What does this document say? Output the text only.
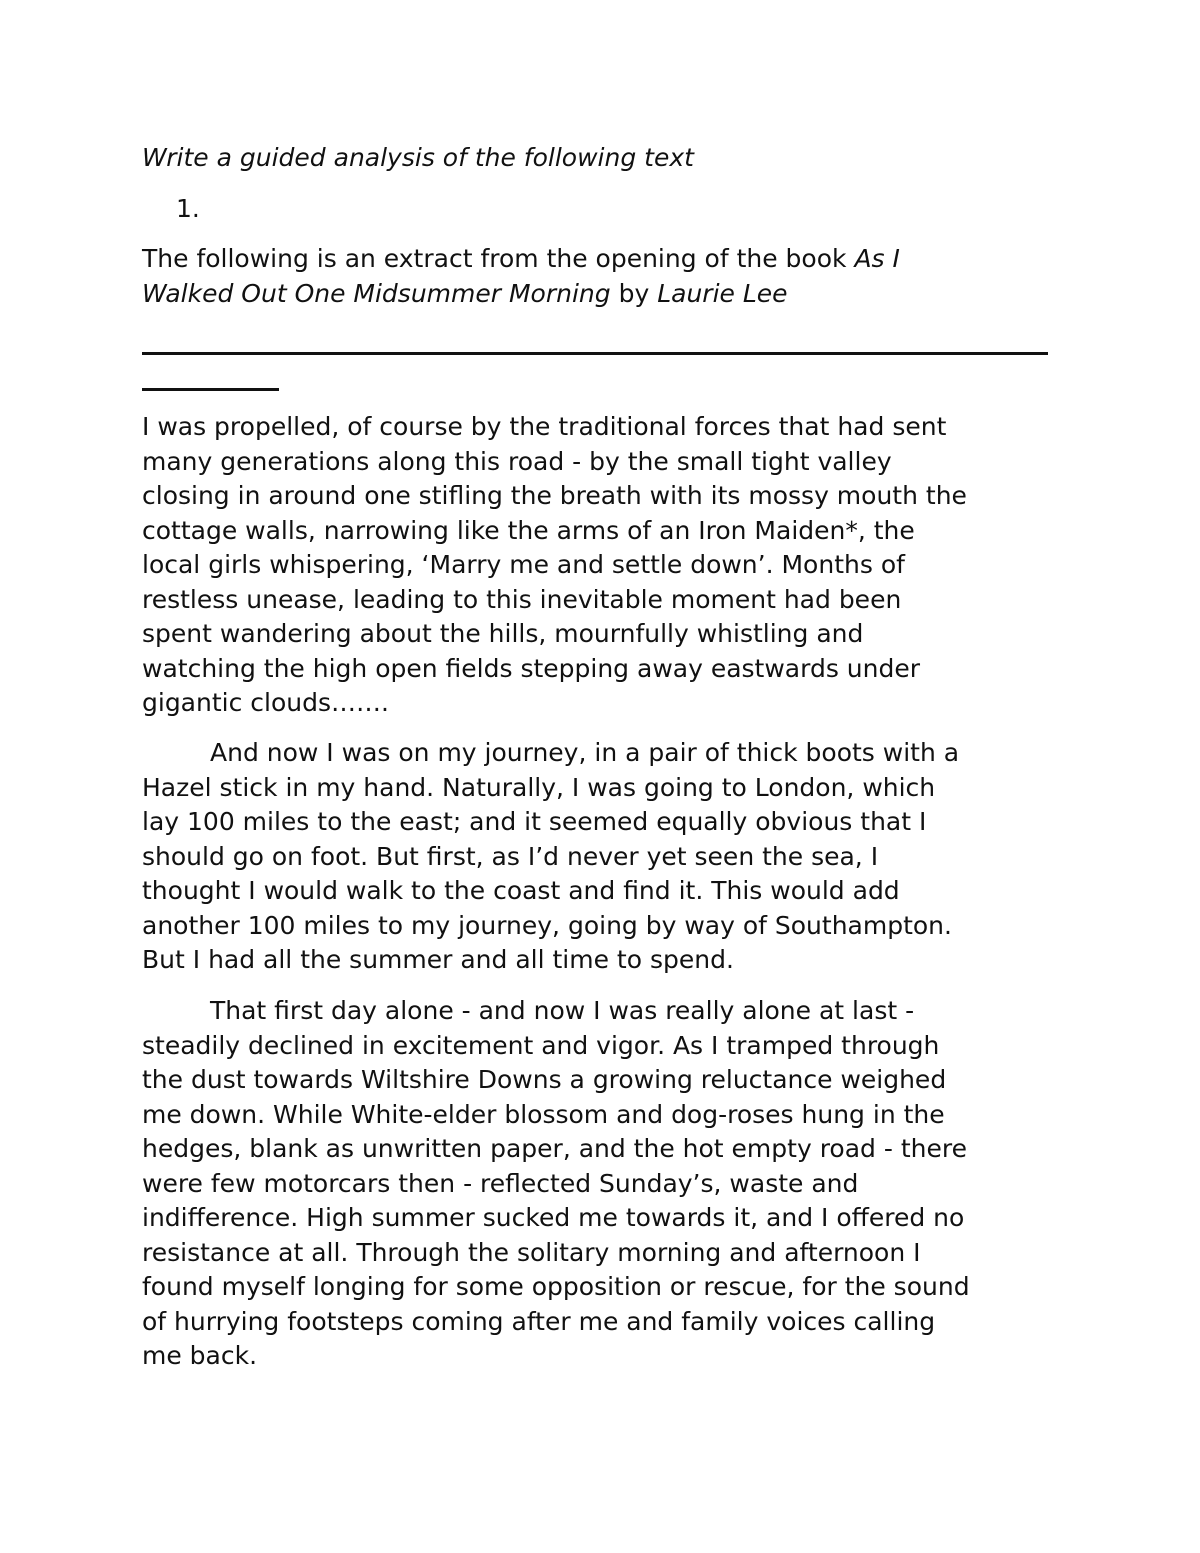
Write a guided analysis of the following text
1.
The following is an extract from the opening of the book As I
Walked Out One Midsummer Morning by Laurie Lee
I was propelled, of course by the traditional forces that had sent
many generations along this road - by the small tight valley
closing in around one stifling the breath with its mossy mouth the
cottage walls, narrowing like the arms of an Iron Maiden*, the
local girls whispering, ‘Marry me and settle down’. Months of
restless unease, leading to this inevitable moment had been
spent wandering about the hills, mournfully whistling and
watching the high open fields stepping away eastwards under
gigantic clouds…….
And now I was on my journey, in a pair of thick boots with a
Hazel stick in my hand. Naturally, I was going to London, which
lay 100 miles to the east; and it seemed equally obvious that I
should go on foot. But first, as I’d never yet seen the sea, I
thought I would walk to the coast and find it. This would add
another 100 miles to my journey, going by way of Southampton.
But I had all the summer and all time to spend.
That first day alone - and now I was really alone at last -
steadily declined in excitement and vigor. As I tramped through
the dust towards Wiltshire Downs a growing reluctance weighed
me down. While White-elder blossom and dog-roses hung in the
hedges, blank as unwritten paper, and the hot empty road - there
were few motorcars then - reflected Sunday’s, waste and
indifference. High summer sucked me towards it, and I offered no
resistance at all. Through the solitary morning and afternoon I
found myself longing for some opposition or rescue, for the sound
of hurrying footsteps coming after me and family voices calling
me back.
